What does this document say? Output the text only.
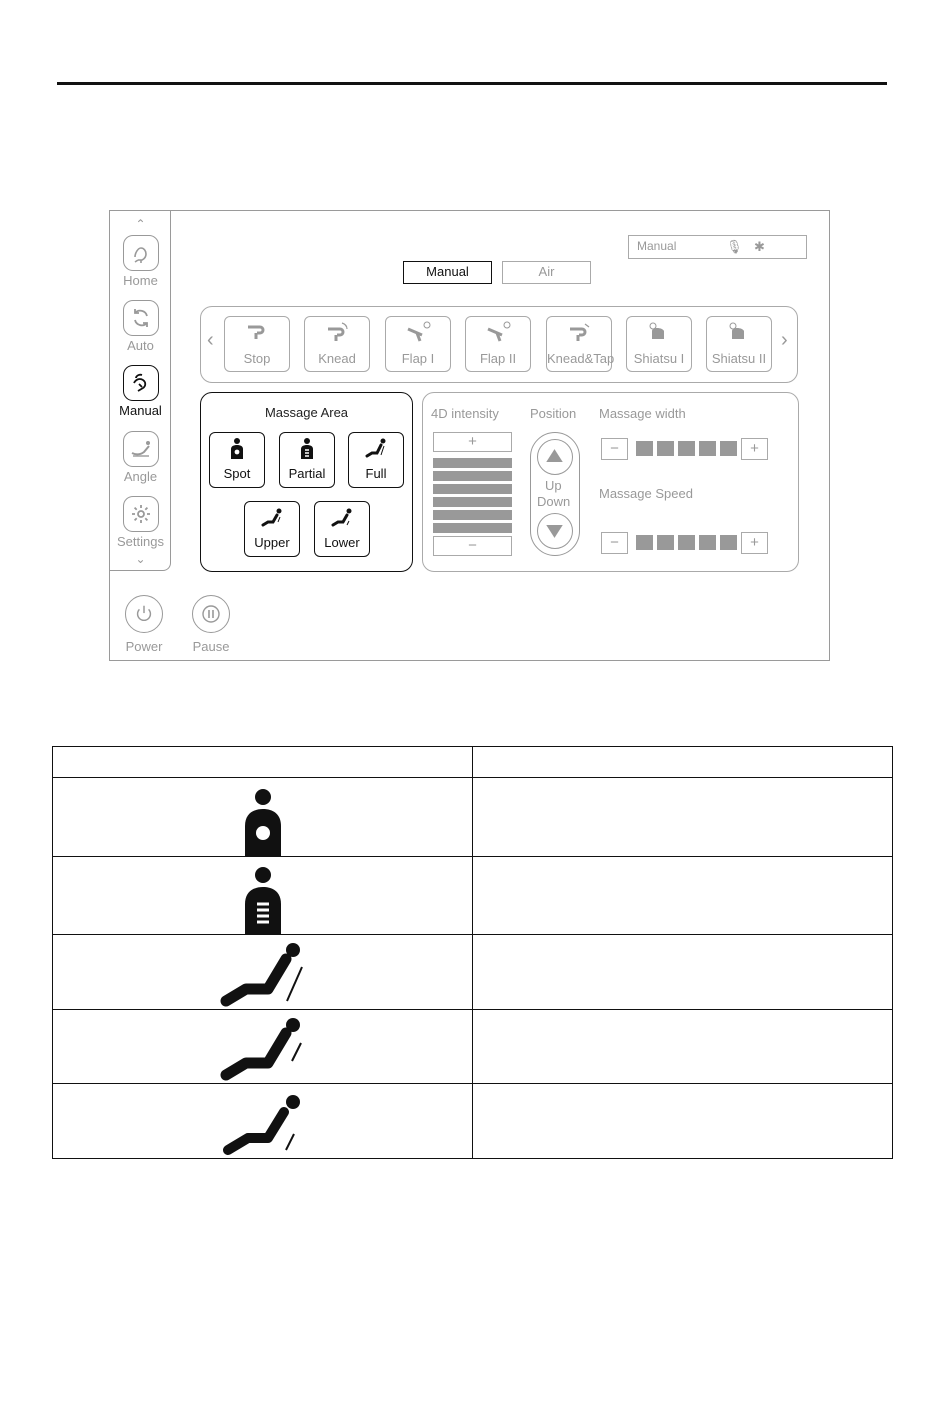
⌃
Home
Auto
Manual
Angle
Settings
⌄
Manual	🎙 ✱
Manual	Air
‹
Stop	Knead	Flap I	Flap II	Knead&Tap	Shiatsu I	Shiatsu II
›
Massage Area
Spot	Partial	Full
Upper	Lower
4D intensity
+
−
Position
Up
Down
Massage width
−	+
Massage Speed
−	+
Power	Pause
